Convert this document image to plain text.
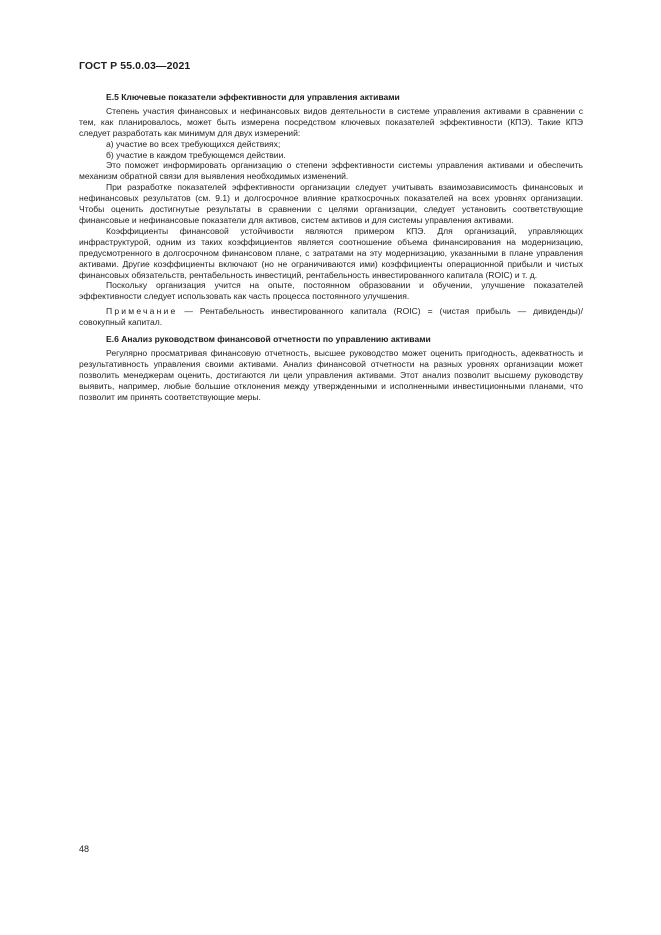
ГОСТ Р 55.0.03—2021
Е.5 Ключевые показатели эффективности для управления активами

Степень участия финансовых и нефинансовых видов деятельности в системе управления активами в сравнении с тем, как планировалось, может быть измерена посредством ключевых показателей эффективности (КПЭ). Такие КПЭ следует разработать как минимум для двух измерений:

а) участие во всех требующихся действиях;

б) участие в каждом требующемся действии.

Это поможет информировать организацию о степени эффективности системы управления активами и обеспечить механизм обратной связи для выявления необходимых изменений.

При разработке показателей эффективности организации следует учитывать взаимозависимость финансовых и нефинансовых результатов (см. 9.1) и долгосрочное влияние краткосрочных показателей на всех уровнях организации. Чтобы оценить достигнутые результаты в сравнении с целями организации, следует установить соответствующие финансовые и нефинансовые показатели для активов, систем активов и для системы управления активами.

Коэффициенты финансовой устойчивости являются примером КПЭ. Для организаций, управляющих инфраструктурой, одним из таких коэффициентов является соотношение объема финансирования на модернизацию, предусмотренного в долгосрочном финансовом плане, с затратами на эту модернизацию, указанными в плане управления активами. Другие коэффициенты включают (но не ограничиваются ими) коэффициенты операционной прибыли и чистых финансовых обязательств, рентабельность инвестиций, рентабельность инвестированного капитала (ROIC) и т. д.

Поскольку организация учится на опыте, постоянном образовании и обучении, улучшение показателей эффективности следует использовать как часть процесса постоянного улучшения.

Примечание — Рентабельность инвестированного капитала (ROIC) = (чистая прибыль — дивиденды)/совокупный капитал.

Е.6 Анализ руководством финансовой отчетности по управлению активами

Регулярно просматривая финансовую отчетность, высшее руководство может оценить пригодность, адекватность и результативность управления своими активами. Анализ финансовой отчетности на разных уровнях организации может позволить менеджерам оценить, достигаются ли цели управления активами. Этот анализ позволит высшему руководству выявить, например, любые большие отклонения между утвержденными и исполненными инвестиционными планами, что позволит им принять соответствующие меры.

48
